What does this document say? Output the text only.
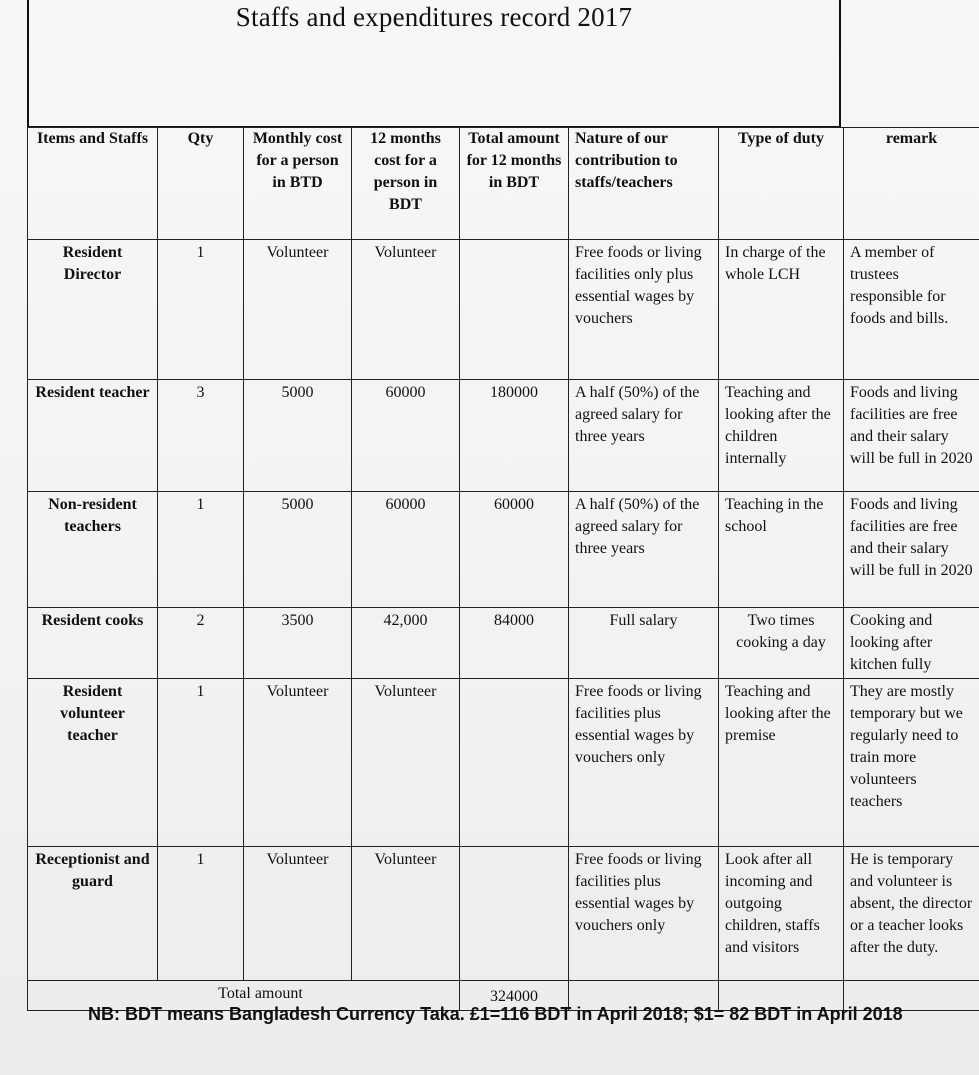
Staffs and expenditures record 2017
Items and Staffs	Qty	Monthly cost for a person in BTD	12 months cost for a person in BDT	Total amount for 12 months in BDT	Nature of our contribution to staffs/teachers	Type of duty	remark
Resident Director	1	Volunteer	Volunteer		Free foods or living facilities only plus essential wages by vouchers	In charge of the whole LCH	A member of trustees responsible for foods and bills.
Resident teacher	3	5000	60000	180000	A half (50%) of the agreed salary for three years	Teaching and looking after the children internally	Foods and living facilities are free and their salary will be full in 2020
Non-resident teachers	1	5000	60000	60000	A half (50%) of the agreed salary for three years	Teaching in the school	Foods and living facilities are free and their salary will be full in 2020
Resident cooks	2	3500	42,000	84000	Full salary	Two times cooking a day	Cooking and looking after kitchen fully
Resident volunteer teacher	1	Volunteer	Volunteer		Free foods or living facilities plus essential wages by vouchers only	Teaching and looking after the premise	They are mostly temporary but we regularly need to train more volunteers teachers
Receptionist and guard	1	Volunteer	Volunteer		Free foods or living facilities plus essential wages by vouchers only	Look after all incoming and outgoing children, staffs and visitors	He is temporary and volunteer is absent, the director or a teacher looks after the duty.
Total amount				324000			
NB: BDT means Bangladesh Currency Taka. £1=116 BDT in April 2018; $1= 82 BDT in April 2018
